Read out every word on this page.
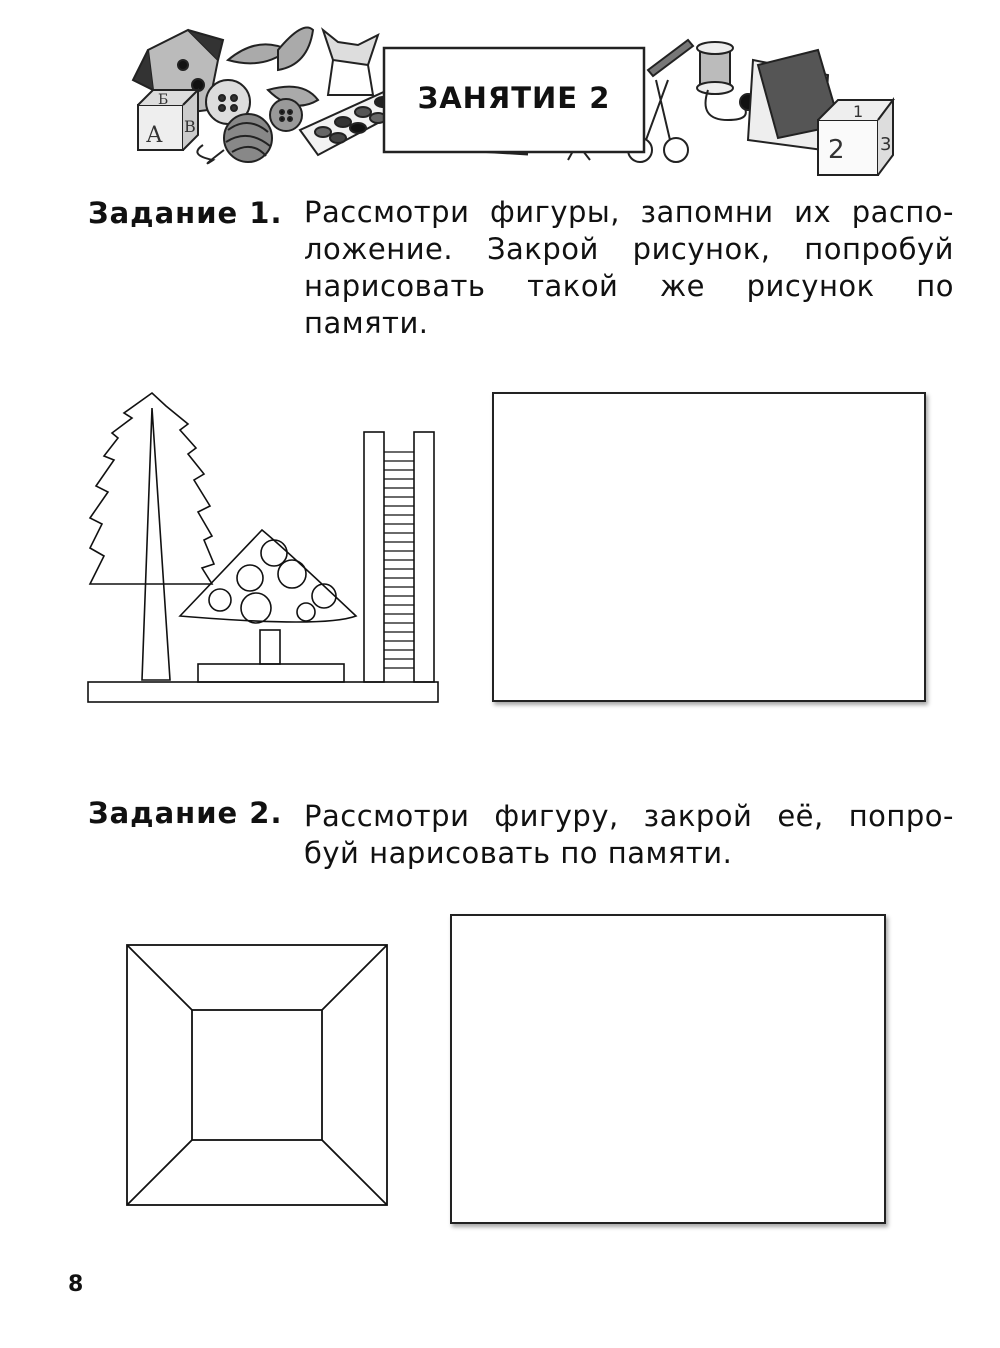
А
Б
В
2
1
3
ЗАНЯТИЕ 2
Задание 1. Рассмотри фигуры, запомни их распо-
ложение. Закрой рисунок, попробуй
нарисовать такой же рисунок по
памяти.
Задание 2. Рассмотри фигуру, закрой её, попро-
буй нарисовать по памяти.
8
